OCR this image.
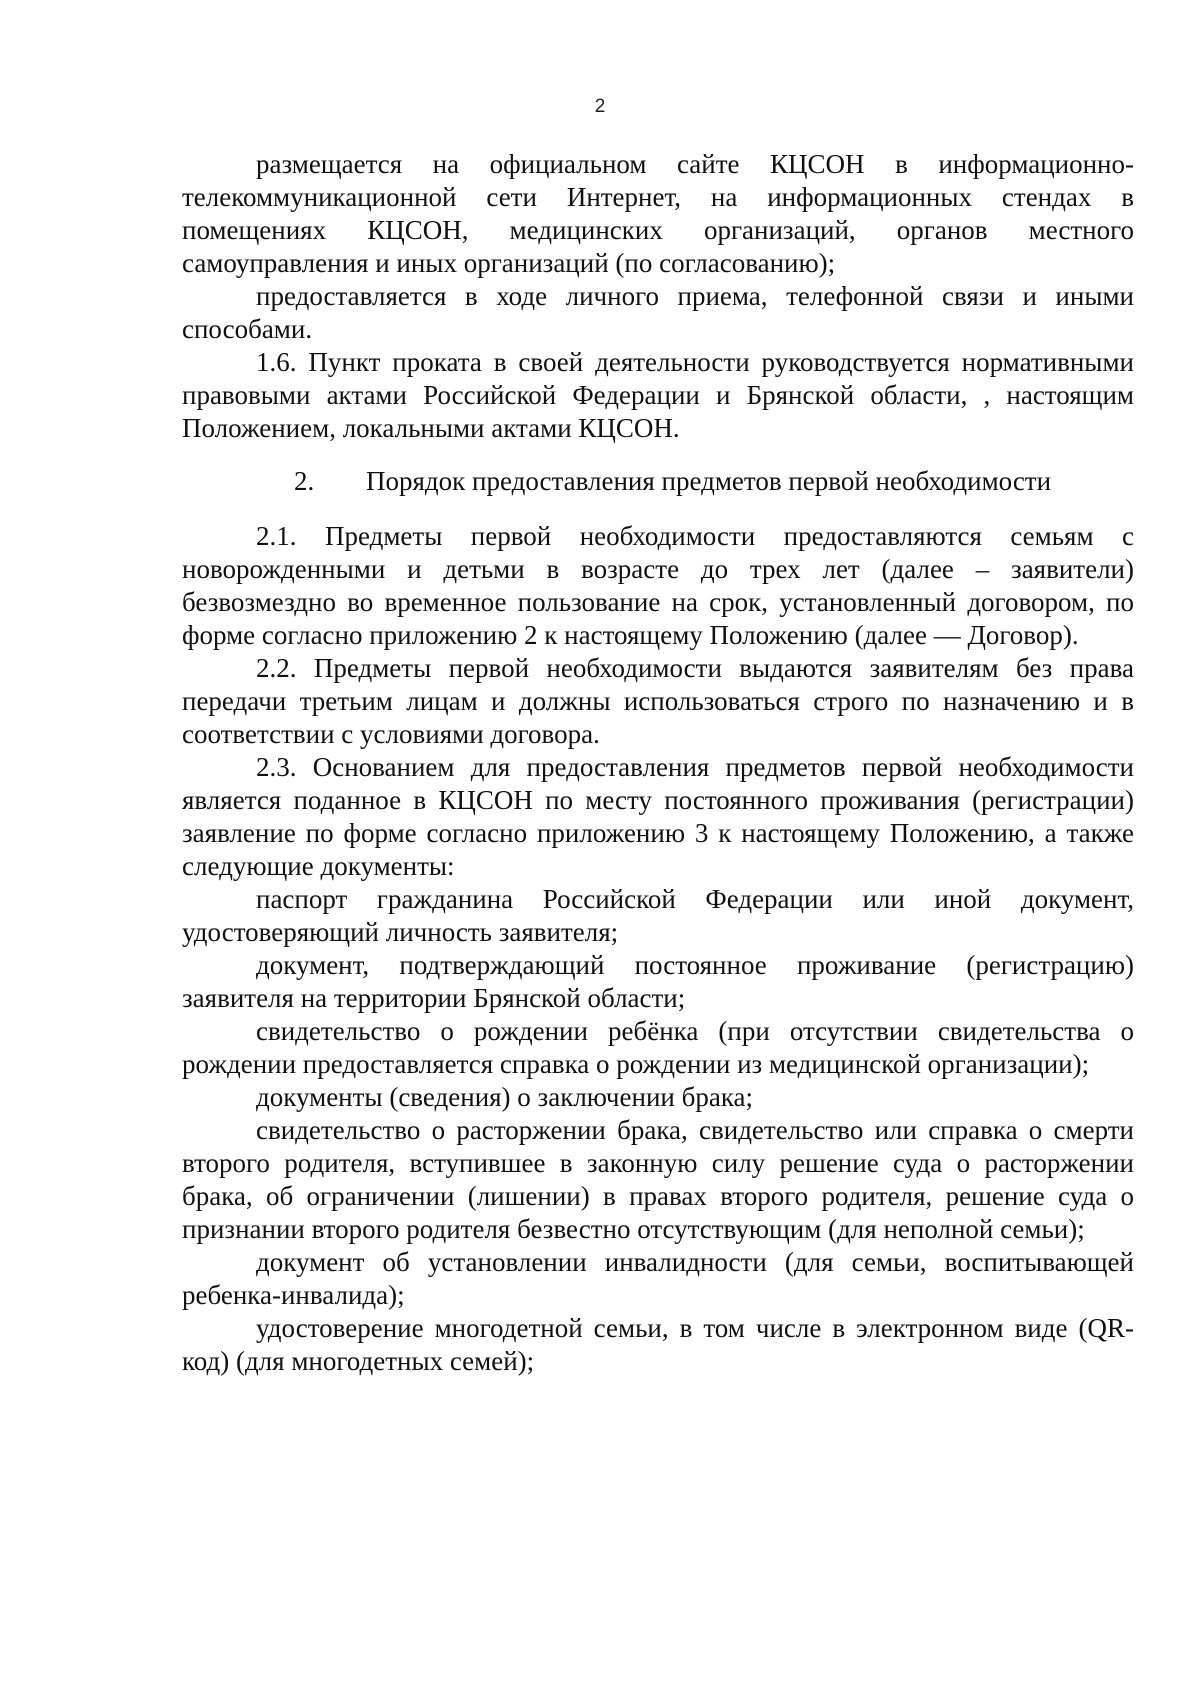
2

размещается на официальном сайте КЦСОН в информационно-телекоммуникационной сети Интернет, на информационных стендах в помещениях КЦСОН, медицинских организаций, органов местного самоуправления и иных организаций (по согласованию);

предоставляется в ходе личного приема, телефонной связи и иными способами.

1.6. Пункт проката в своей деятельности руководствуется нормативными правовыми актами Российской Федерации и Брянской области, , настоящим Положением, локальными актами КЦСОН.

2. Порядок предоставления предметов первой необходимости

2.1. Предметы первой необходимости предоставляются семьям с новорожденными и детьми в возрасте до трех лет (далее – заявители) безвозмездно во временное пользование на срок, установленный договором, по форме согласно приложению 2 к настоящему Положению (далее — Договор).

2.2. Предметы первой необходимости выдаются заявителям без права передачи третьим лицам и должны использоваться строго по назначению и в соответствии с условиями договора.

2.3. Основанием для предоставления предметов первой необходимости является поданное в КЦСОН по месту постоянного проживания (регистрации) заявление по форме согласно приложению 3 к настоящему Положению, а также следующие документы:

паспорт гражданина Российской Федерации или иной документ, удостоверяющий личность заявителя;

документ, подтверждающий постоянное проживание (регистрацию) заявителя на территории Брянской области;

свидетельство о рождении ребёнка (при отсутствии свидетельства о рождении предоставляется справка о рождении из медицинской организации);

документы (сведения) о заключении брака;

свидетельство о расторжении брака, свидетельство или справка о смерти второго родителя, вступившее в законную силу решение суда о расторжении брака, об ограничении (лишении) в правах второго родителя, решение суда о признании второго родителя безвестно отсутствующим (для неполной семьи);

документ об установлении инвалидности (для семьи, воспитывающей ребенка-инвалида);

удостоверение многодетной семьи, в том числе в электронном виде (QR-код) (для многодетных семей);
